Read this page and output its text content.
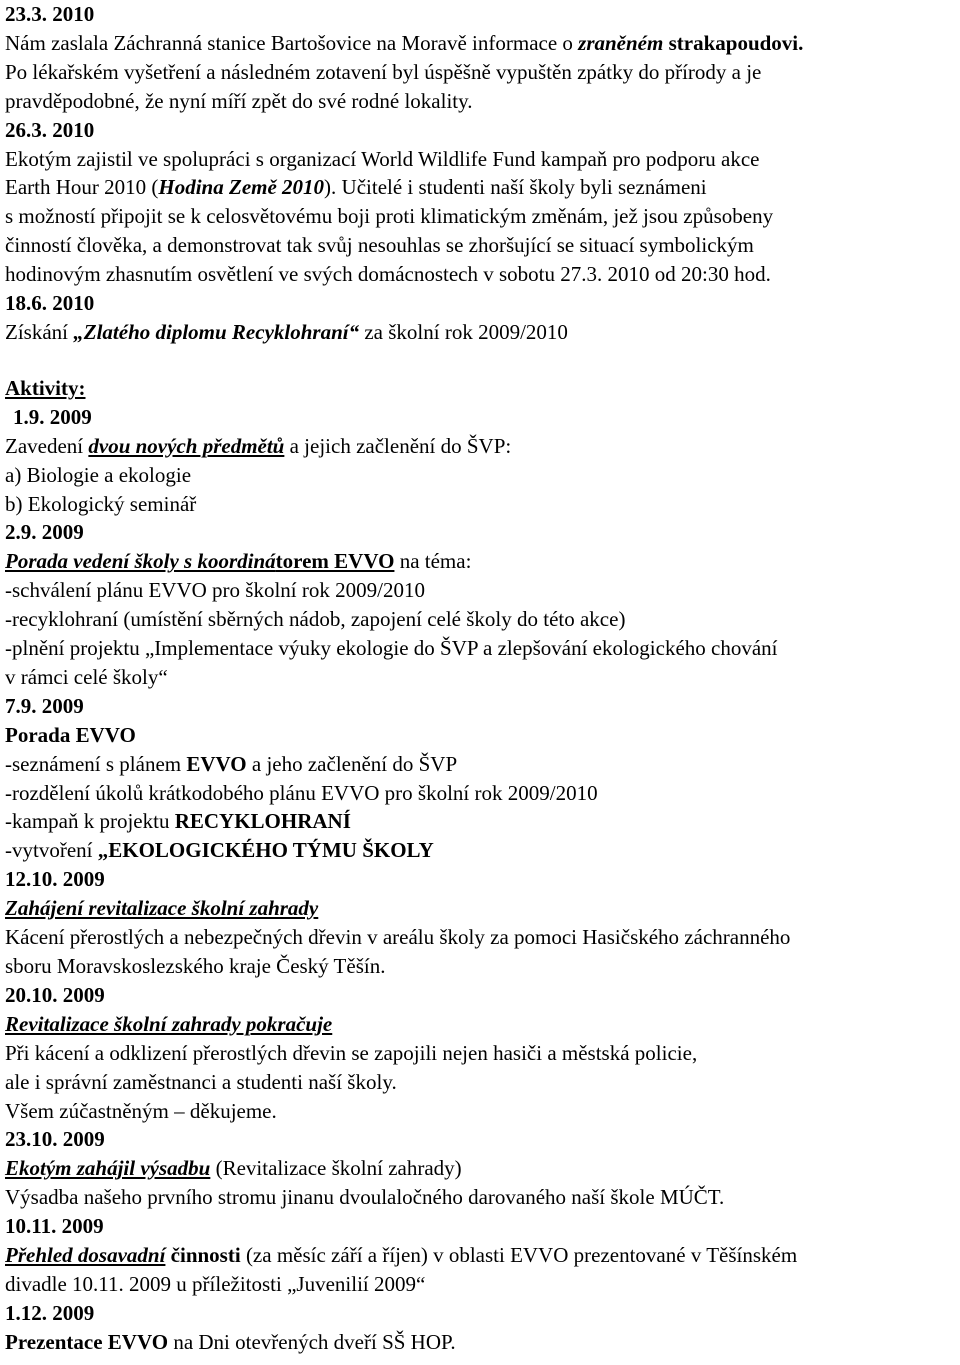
23.3. 2010

Nám zaslala Záchranná stanice Bartošovice na Moravě informace o zraněném strakapoudovi.

Po lékařském vyšetření a následném zotavení byl úspěšně vypuštěn zpátky do přírody a je

pravděpodobné, že nyní míří zpět do své rodné lokality.

26.3. 2010

Ekotým zajistil ve spolupráci s organizací World Wildlife Fund kampaň pro podporu akce

Earth Hour 2010 (Hodina Země 2010). Učitelé i studenti naší školy byli seznámeni

s možností připojit se k celosvětovému boji proti klimatickým změnám, jež jsou způsobeny

činností člověka, a demonstrovat tak svůj nesouhlas se zhoršující se situací symbolickým

hodinovým zhasnutím osvětlení ve svých domácnostech v sobotu 27.3. 2010 od 20:30 hod.

18.6. 2010

Získání „Zlatého diplomu Recyklohraní“ za školní rok 2009/2010

Aktivity:

1.9. 2009

Zavedení dvou nových předmětů a jejich začlenění do ŠVP:

a) Biologie a ekologie

b) Ekologický seminář

2.9. 2009

Porada vedení školy s koordinátorem EVVO na téma:

-schválení plánu EVVO pro školní rok 2009/2010

-recyklohraní (umístění sběrných nádob, zapojení celé školy do této akce)

-plnění projektu „Implementace výuky ekologie do ŠVP a zlepšování ekologického chování

v rámci celé školy“

7.9. 2009

Porada EVVO

-seznámení s plánem EVVO a jeho začlenění do ŠVP

-rozdělení úkolů krátkodobého plánu EVVO pro školní rok 2009/2010

-kampaň k projektu RECYKLOHRANÍ

-vytvoření „EKOLOGICKÉHO TÝMU ŠKOLY

12.10. 2009

Zahájení revitalizace školní zahrady

Kácení přerostlých a nebezpečných dřevin v areálu školy za pomoci Hasičského záchranného

sboru Moravskoslezského kraje Český Těšín.

20.10. 2009

Revitalizace školní zahrady pokračuje

Při kácení a odklizení přerostlých dřevin se zapojili nejen hasiči a městská policie,

ale i správní zaměstnanci a studenti naší školy.

Všem zúčastněným – děkujeme.

23.10. 2009

Ekotým zahájil výsadbu (Revitalizace školní zahrady)

Výsadba našeho prvního stromu jinanu dvoulaločného darovaného naší škole MÚČT.

10.11. 2009

Přehled dosavadní činnosti (za měsíc září a říjen) v oblasti EVVO prezentované v Těšínském

divadle 10.11. 2009 u příležitosti „Juvenilií 2009“

1.12. 2009

Prezentace EVVO na Dni otevřených dveří SŠ HOP.
